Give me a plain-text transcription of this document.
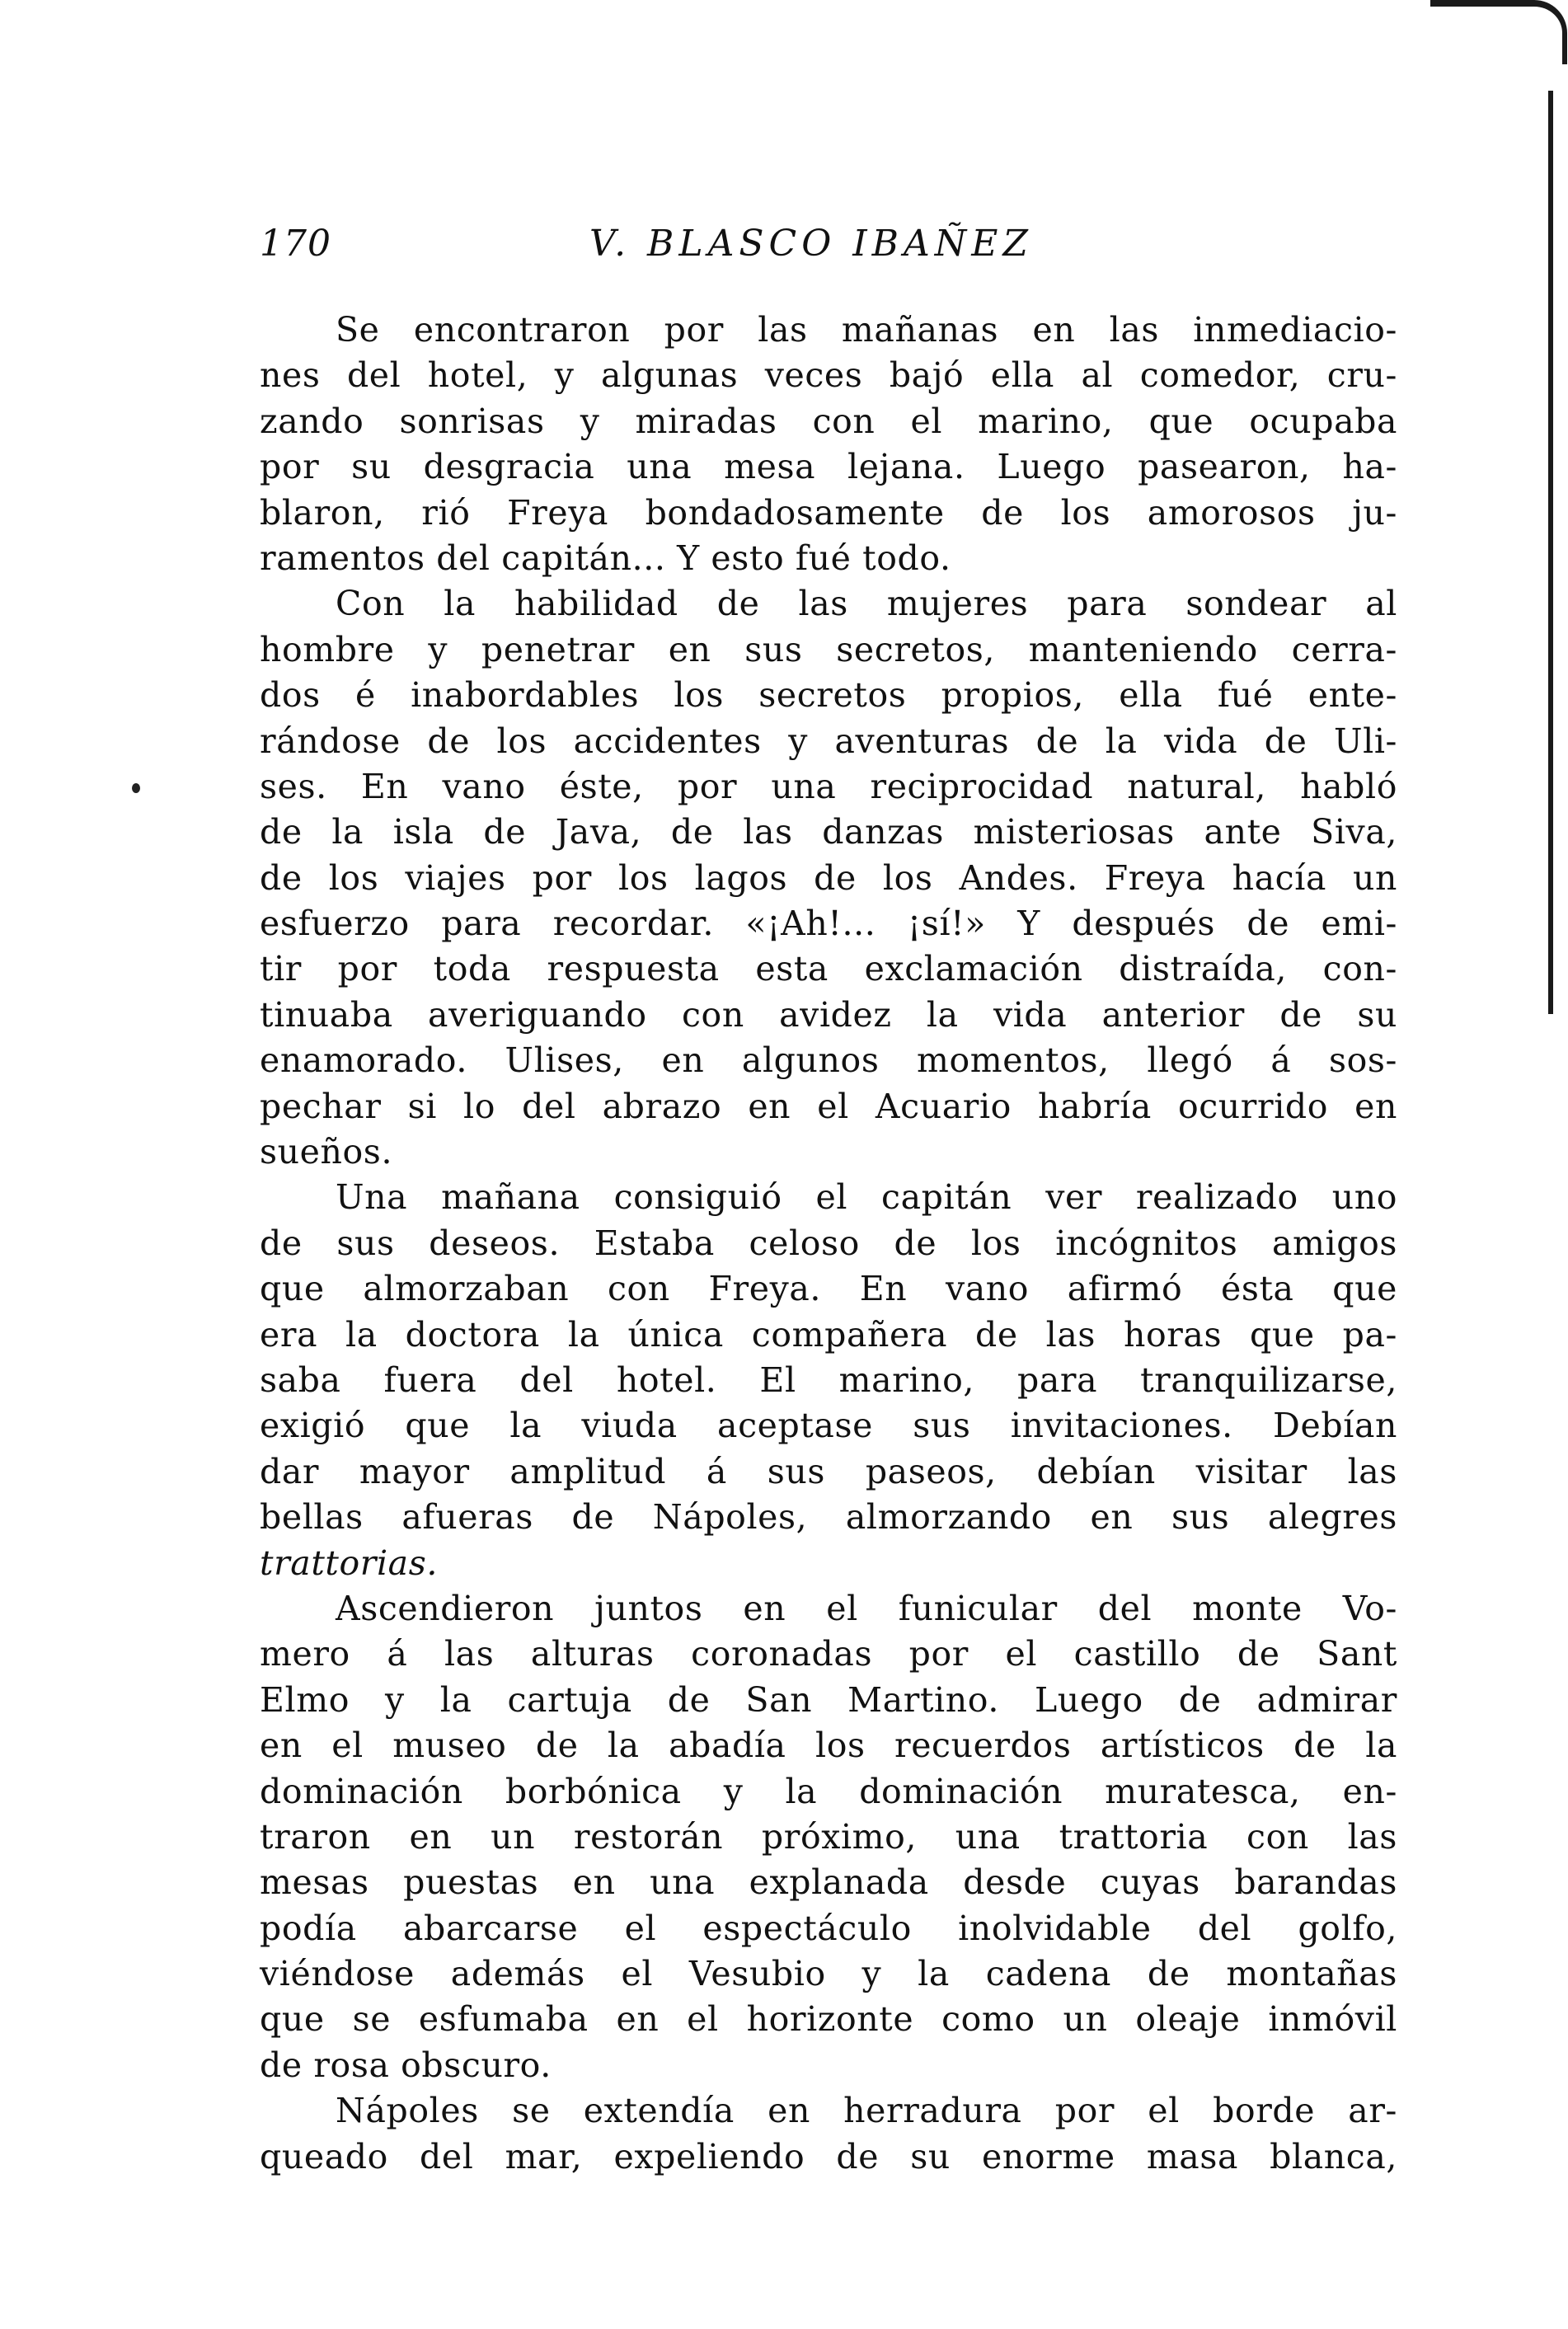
170	V. BLASCO IBAÑEZ
Se encontraron por las mañanas en las inmediacio-
nes del hotel, y algunas veces bajó ella al comedor, cru-
zando sonrisas y miradas con el marino, que ocupaba
por su desgracia una mesa lejana. Luego pasearon, ha-
blaron, rió Freya bondadosamente de los amorosos ju-
ramentos del capitán... Y esto fué todo.
Con la habilidad de las mujeres para sondear al
hombre y penetrar en sus secretos, manteniendo cerra-
dos é inabordables los secretos propios, ella fué ente-
rándose de los accidentes y aventuras de la vida de Uli-
ses. En vano éste, por una reciprocidad natural, habló
de la isla de Java, de las danzas misteriosas ante Siva,
de los viajes por los lagos de los Andes. Freya hacía un
esfuerzo para recordar. «¡Ah!... ¡sí!» Y después de emi-
tir por toda respuesta esta exclamación distraída, con-
tinuaba averiguando con avidez la vida anterior de su
enamorado. Ulises, en algunos momentos, llegó á sos-
pechar si lo del abrazo en el Acuario habría ocurrido en
sueños.
Una mañana consiguió el capitán ver realizado uno
de sus deseos. Estaba celoso de los incógnitos amigos
que almorzaban con Freya. En vano afirmó ésta que
era la doctora la única compañera de las horas que pa-
saba fuera del hotel. El marino, para tranquilizarse,
exigió que la viuda aceptase sus invitaciones. Debían
dar mayor amplitud á sus paseos, debían visitar las
bellas afueras de Nápoles, almorzando en sus alegres
trattorias.
Ascendieron juntos en el funicular del monte Vo-
mero á las alturas coronadas por el castillo de Sant
Elmo y la cartuja de San Martino. Luego de admirar
en el museo de la abadía los recuerdos artísticos de la
dominación borbónica y la dominación muratesca, en-
traron en un restorán próximo, una trattoria con las
mesas puestas en una explanada desde cuyas barandas
podía abarcarse el espectáculo inolvidable del golfo,
viéndose además el Vesubio y la cadena de montañas
que se esfumaba en el horizonte como un oleaje inmóvil
de rosa obscuro.
Nápoles se extendía en herradura por el borde ar-
queado del mar, expeliendo de su enorme masa blanca,
